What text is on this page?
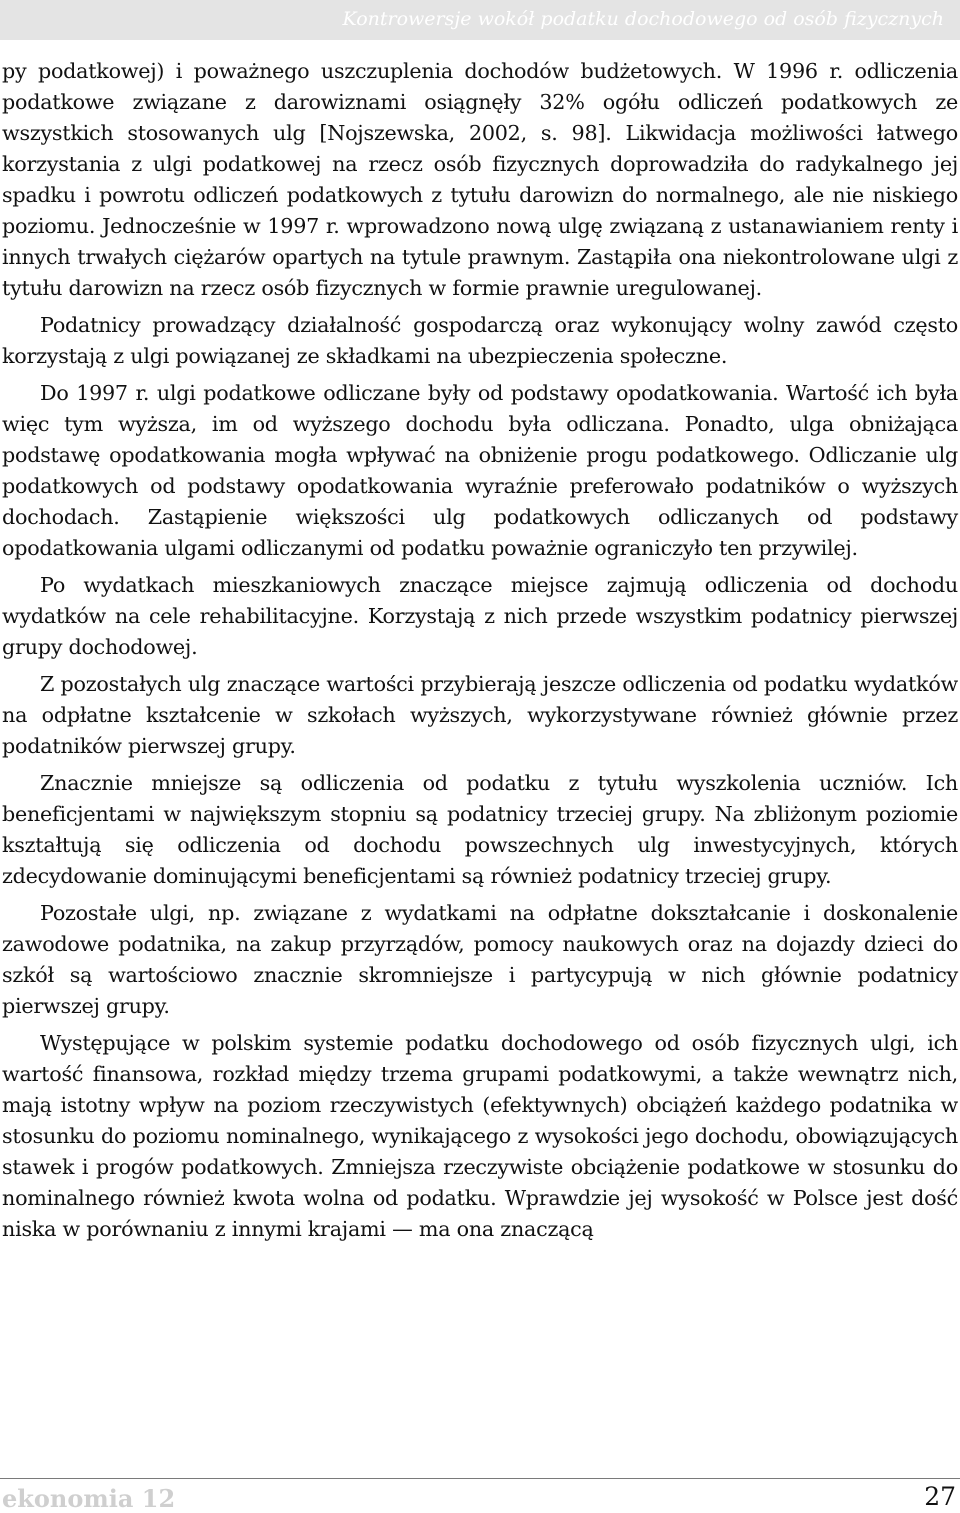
Kontrowersje wokół podatku dochodowego od osób fizycznych

py podatkowej) i poważnego uszczuplenia dochodów budżetowych. W 1996 r. odliczenia podatkowe związane z darowiznami osiągnęły 32% ogółu odliczeń podatkowych ze wszystkich stosowanych ulg [Nojszewska, 2002, s. 98]. Likwidacja możliwości łatwego korzystania z ulgi podatkowej na rzecz osób fizycznych doprowadziła do radykalnego jej spadku i powrotu odliczeń podatkowych z tytułu darowizn do normalnego, ale nie niskiego poziomu. Jednocześnie w 1997 r. wprowadzono nową ulgę związaną z ustanawianiem renty i innych trwałych ciężarów opartych na tytule prawnym. Zastąpiła ona niekontrolowane ulgi z tytułu darowizn na rzecz osób fizycznych w formie prawnie uregulowanej.

Podatnicy prowadzący działalność gospodarczą oraz wykonujący wolny zawód często korzystają z ulgi powiązanej ze składkami na ubezpieczenia społeczne.

Do 1997 r. ulgi podatkowe odliczane były od podstawy opodatkowania. Wartość ich była więc tym wyższa, im od wyższego dochodu była odliczana. Ponadto, ulga obniżająca podstawę opodatkowania mogła wpływać na obniżenie progu podatkowego. Odliczanie ulg podatkowych od podstawy opodatkowania wyraźnie preferowało podatników o wyższych dochodach. Zastąpienie większości ulg podatkowych odliczanych od podstawy opodatkowania ulgami odliczanymi od podatku poważnie ograniczyło ten przywilej.

Po wydatkach mieszkaniowych znaczące miejsce zajmują odliczenia od dochodu wydatków na cele rehabilitacyjne. Korzystają z nich przede wszystkim podatnicy pierwszej grupy dochodowej.

Z pozostałych ulg znaczące wartości przybierają jeszcze odliczenia od podatku wydatków na odpłatne kształcenie w szkołach wyższych, wykorzystywane również głównie przez podatników pierwszej grupy.

Znacznie mniejsze są odliczenia od podatku z tytułu wyszkolenia uczniów. Ich beneficjentami w największym stopniu są podatnicy trzeciej grupy. Na zbliżonym poziomie kształtują się odliczenia od dochodu powszechnych ulg inwestycyjnych, których zdecydowanie dominującymi beneficjentami są również podatnicy trzeciej grupy.

Pozostałe ulgi, np. związane z wydatkami na odpłatne dokształcanie i doskonalenie zawodowe podatnika, na zakup przyrządów, pomocy naukowych oraz na dojazdy dzieci do szkół są wartościowo znacznie skromniejsze i partycypują w nich głównie podatnicy pierwszej grupy.

Występujące w polskim systemie podatku dochodowego od osób fizycznych ulgi, ich wartość finansowa, rozkład między trzema grupami podatkowymi, a także wewnątrz nich, mają istotny wpływ na poziom rzeczywistych (efektywnych) obciążeń każdego podatnika w stosunku do poziomu nominalnego, wynikającego z wysokości jego dochodu, obowiązujących stawek i progów podatkowych. Zmniejsza rzeczywiste obciążenie podatkowe w stosunku do nominalnego również kwota wolna od podatku. Wprawdzie jej wysokość w Polsce jest dość niska w porównaniu z innymi krajami — ma ona znaczącą

ekonomia 12	27
